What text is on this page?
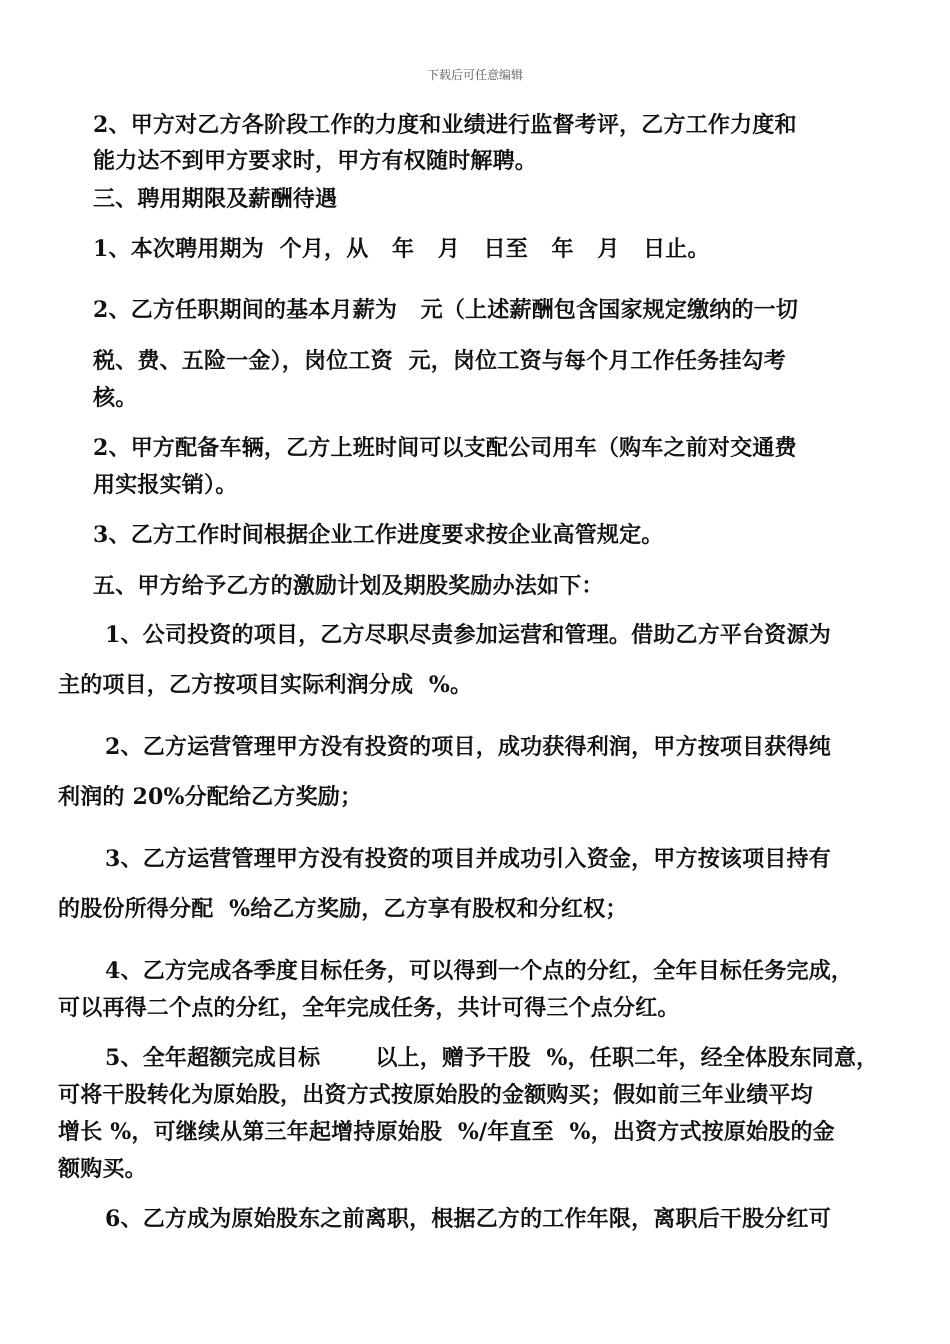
下载后可任意编辑
2、甲方对乙方各阶段工作的力度和业绩进行监督考评，乙方工作力度和
能力达不到甲方要求时，甲方有权随时解聘。
三、聘用期限及薪酬待遇
1、本次聘用期为  个月，从   年   月   日至   年   月   日止。
2、乙方任职期间的基本月薪为   元（上述薪酬包含国家规定缴纳的一切
税、费、五险一金），岗位工资  元，岗位工资与每个月工作任务挂勾考
核。
2、甲方配备车辆，乙方上班时间可以支配公司用车（购车之前对交通费
用实报实销）。
3、乙方工作时间根据企业工作进度要求按企业高管规定。
五、甲方给予乙方的激励计划及期股奖励办法如下：
1、公司投资的项目，乙方尽职尽责参加运营和管理。借助乙方平台资源为
主的项目，乙方按项目实际利润分成  %。
2、乙方运营管理甲方没有投资的项目，成功获得利润，甲方按项目获得纯
利润的 20%分配给乙方奖励；
3、乙方运营管理甲方没有投资的项目并成功引入资金，甲方按该项目持有
的股份所得分配  %给乙方奖励，乙方享有股权和分红权；
4、乙方完成各季度目标任务，可以得到一个点的分红，全年目标任务完成，
可以再得二个点的分红，全年完成任务，共计可得三个点分红。
5、全年超额完成目标       以上，赠予干股  %，任职二年，经全体股东同意，
可将干股转化为原始股，出资方式按原始股的金额购买；假如前三年业绩平均
增长 %，可继续从第三年起增持原始股  %/年直至  %，出资方式按原始股的金
额购买。
6、乙方成为原始股东之前离职，根据乙方的工作年限，离职后干股分红可
